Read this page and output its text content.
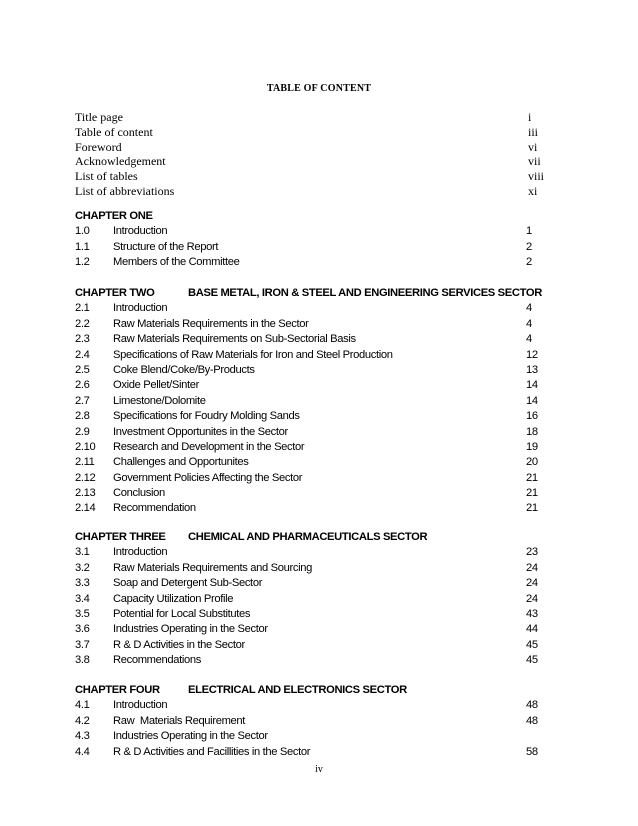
TABLE OF CONTENT
Title page	i
Table of content	iii
Foreword	vi
Acknowledgement	vii
List of tables	viii
List of abbreviations	xi
CHAPTER ONE
1.0 Introduction	1
1.1 Structure of the Report	2
1.2 Members of the Committee	2
CHAPTER TWO	BASE METAL, IRON & STEEL AND ENGINEERING SERVICES SECTOR
2.1 Introduction	4
2.2 Raw Materials Requirements in the Sector	4
2.3 Raw Materials Requirements on Sub-Sectorial Basis	4
2.4 Specifications of Raw Materials for Iron and Steel Production	12
2.5 Coke Blend/Coke/By-Products	13
2.6 Oxide Pellet/Sinter	14
2.7 Limestone/Dolomite	14
2.8 Specifications for Foudry Molding Sands	16
2.9 Investment Opportunites in the Sector	18
2.10 Research and Development in the Sector	19
2.11 Challenges and Opportunites	20
2.12 Government Policies Affecting the Sector	21
2.13 Conclusion	21
2.14 Recommendation	21
CHAPTER THREE CHEMICAL AND PHARMACEUTICALS SECTOR
3.1 Introduction	23
3.2 Raw Materials Requirements and Sourcing	24
3.3 Soap and Detergent Sub-Sector	24
3.4 Capacity Utilization Profile	24
3.5 Potential for Local Substitutes	43
3.6 Industries Operating in the Sector	44
3.7 R & D Activities in the Sector	45
3.8 Recommendations	45
CHAPTER FOUR	ELECTRICAL AND ELECTRONICS SECTOR
4.1 Introduction	48
4.2 Raw  Materials Requirement	48
4.3 Industries Operating in the Sector
4.4 R & D Activities and Facillities in the Sector	58
iv
